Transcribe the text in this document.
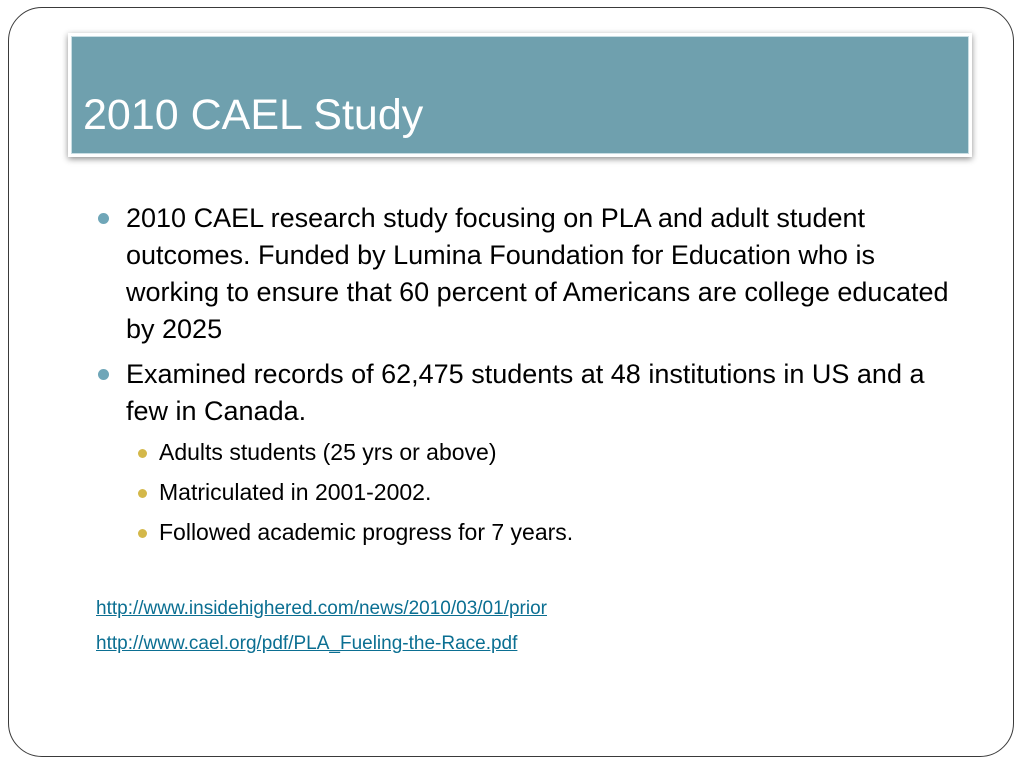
2010 CAEL Study
2010 CAEL research study focusing on PLA and adult student outcomes. Funded by Lumina Foundation for Education who is working to ensure that 60 percent of Americans are college educated by 2025
Examined records of 62,475 students at 48 institutions in US and a few in Canada.
Adults students (25 yrs or above)
Matriculated in 2001-2002.
Followed academic progress for 7 years.
http://www.insidehighered.com/news/2010/03/01/prior
http://www.cael.org/pdf/PLA_Fueling-the-Race.pdf
